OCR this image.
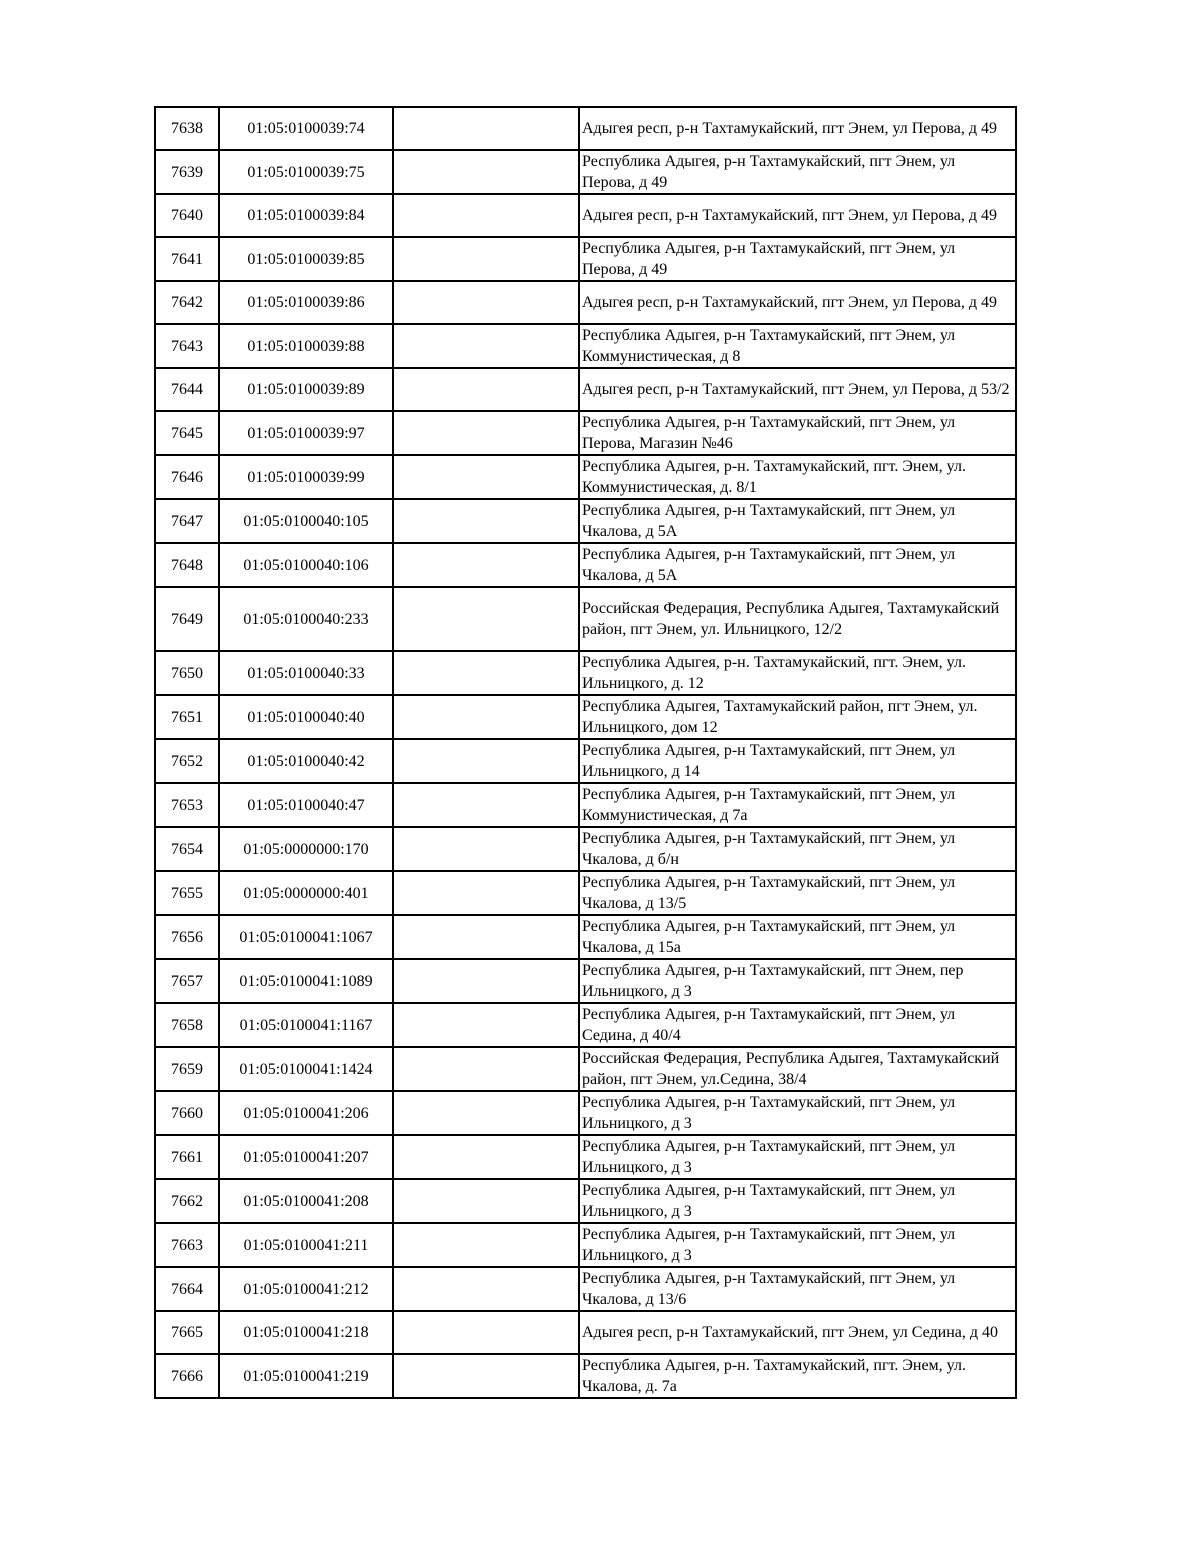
7638	01:05:0100039:74		Адыгея респ, р-н Тахтамукайский, пгт Энем, ул Перова, д 49
7639	01:05:0100039:75		Республика Адыгея, р-н Тахтамукайский, пгт Энем, ул Перова, д 49
7640	01:05:0100039:84		Адыгея респ, р-н Тахтамукайский, пгт Энем, ул Перова, д 49
7641	01:05:0100039:85		Республика Адыгея, р-н Тахтамукайский, пгт Энем, ул Перова, д 49
7642	01:05:0100039:86		Адыгея респ, р-н Тахтамукайский, пгт Энем, ул Перова, д 49
7643	01:05:0100039:88		Республика Адыгея, р-н Тахтамукайский, пгт Энем, ул Коммунистическая, д 8
7644	01:05:0100039:89		Адыгея респ, р-н Тахтамукайский, пгт Энем, ул Перова, д 53/2
7645	01:05:0100039:97		Республика Адыгея, р-н Тахтамукайский, пгт Энем, ул Перова, Магазин №46
7646	01:05:0100039:99		Республика Адыгея, р-н. Тахтамукайский, пгт. Энем, ул. Коммунистическая, д. 8/1
7647	01:05:0100040:105		Республика Адыгея, р-н Тахтамукайский, пгт Энем, ул Чкалова, д 5А
7648	01:05:0100040:106		Республика Адыгея, р-н Тахтамукайский, пгт Энем, ул Чкалова, д 5А
7649	01:05:0100040:233		Российская Федерация, Республика Адыгея, Тахтамукайский район, пгт Энем, ул. Ильницкого, 12/2
7650	01:05:0100040:33		Республика Адыгея, р-н. Тахтамукайский, пгт. Энем, ул. Ильницкого, д. 12
7651	01:05:0100040:40		Республика Адыгея, Тахтамукайский район, пгт Энем, ул. Ильницкого, дом 12
7652	01:05:0100040:42		Республика Адыгея, р-н Тахтамукайский, пгт Энем, ул Ильницкого, д 14
7653	01:05:0100040:47		Республика Адыгея, р-н Тахтамукайский, пгт Энем, ул Коммунистическая, д 7а
7654	01:05:0000000:170		Республика Адыгея, р-н Тахтамукайский, пгт Энем, ул Чкалова, д б/н
7655	01:05:0000000:401		Республика Адыгея, р-н Тахтамукайский, пгт Энем, ул Чкалова, д 13/5
7656	01:05:0100041:1067		Республика Адыгея, р-н Тахтамукайский, пгт Энем, ул Чкалова, д 15а
7657	01:05:0100041:1089		Республика Адыгея, р-н Тахтамукайский, пгт Энем, пер Ильницкого, д 3
7658	01:05:0100041:1167		Республика Адыгея, р-н Тахтамукайский, пгт Энем, ул Седина, д 40/4
7659	01:05:0100041:1424		Российская Федерация, Республика Адыгея, Тахтамукайский район, пгт Энем, ул.Седина, 38/4
7660	01:05:0100041:206		Республика Адыгея, р-н Тахтамукайский, пгт Энем, ул Ильницкого, д 3
7661	01:05:0100041:207		Республика Адыгея, р-н Тахтамукайский, пгт Энем, ул Ильницкого, д 3
7662	01:05:0100041:208		Республика Адыгея, р-н Тахтамукайский, пгт Энем, ул Ильницкого, д 3
7663	01:05:0100041:211		Республика Адыгея, р-н Тахтамукайский, пгт Энем, ул Ильницкого, д 3
7664	01:05:0100041:212		Республика Адыгея, р-н Тахтамукайский, пгт Энем, ул Чкалова, д 13/6
7665	01:05:0100041:218		Адыгея респ, р-н Тахтамукайский, пгт Энем, ул Седина, д 40
7666	01:05:0100041:219		Республика Адыгея, р-н. Тахтамукайский, пгт. Энем, ул. Чкалова, д. 7а
